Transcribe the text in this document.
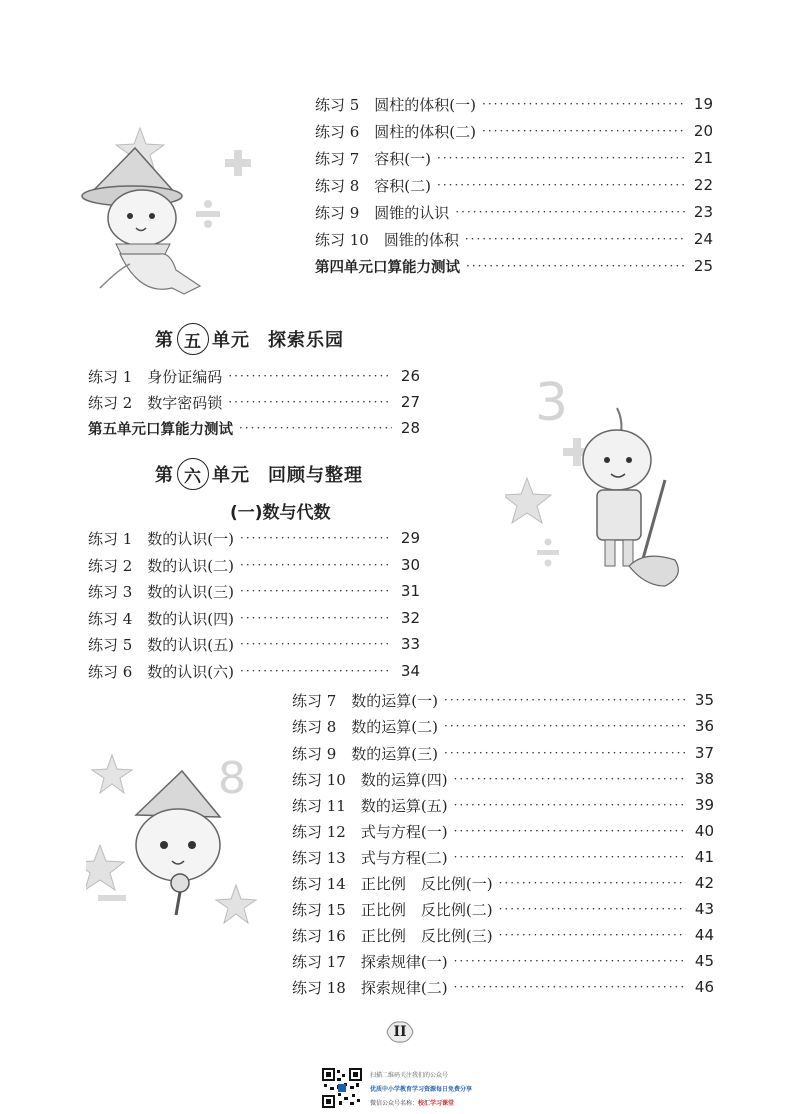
3
8
练习 5　圆柱的体积(一) ·····	19
练习 6　圆柱的体积(二) ·····	20
练习 7　容积(一) ·····	21
练习 8　容积(二) ·····	22
练习 9　圆锥的认识 ·····	23
练习 10　圆锥的体积 ·····	24
第四单元口算能力测试 ·····	25
第 五 单元 探索乐园
练习 1　身份证编码 ·····	26
练习 2　数字密码锁 ·····	27
第五单元口算能力测试 ·····	28
第 六 单元 回顾与整理
(一)数与代数
练习 1　数的认识(一) ·····	29
练习 2　数的认识(二) ·····	30
练习 3　数的认识(三) ·····	31
练习 4　数的认识(四) ·····	32
练习 5　数的认识(五) ·····	33
练习 6　数的认识(六) ·····	34
练习 7　数的运算(一) ·····	35
练习 8　数的运算(二) ·····	36
练习 9　数的运算(三) ·····	37
练习 10　数的运算(四) ·····	38
练习 11　数的运算(五) ·····	39
练习 12　式与方程(一) ·····	40
练习 13　式与方程(二) ·····	41
练习 14　正比例　反比例(一) ·····	42
练习 15　正比例　反比例(二) ·····	43
练习 16　正比例　反比例(三) ·····	44
练习 17　探索规律(一) ·····	45
练习 18　探索规律(二) ·····	46
II
扫描二维码关注我们的公众号
优质中小学教育学习资源每日免费分享
微信公众号名称：校汇学习课堂
